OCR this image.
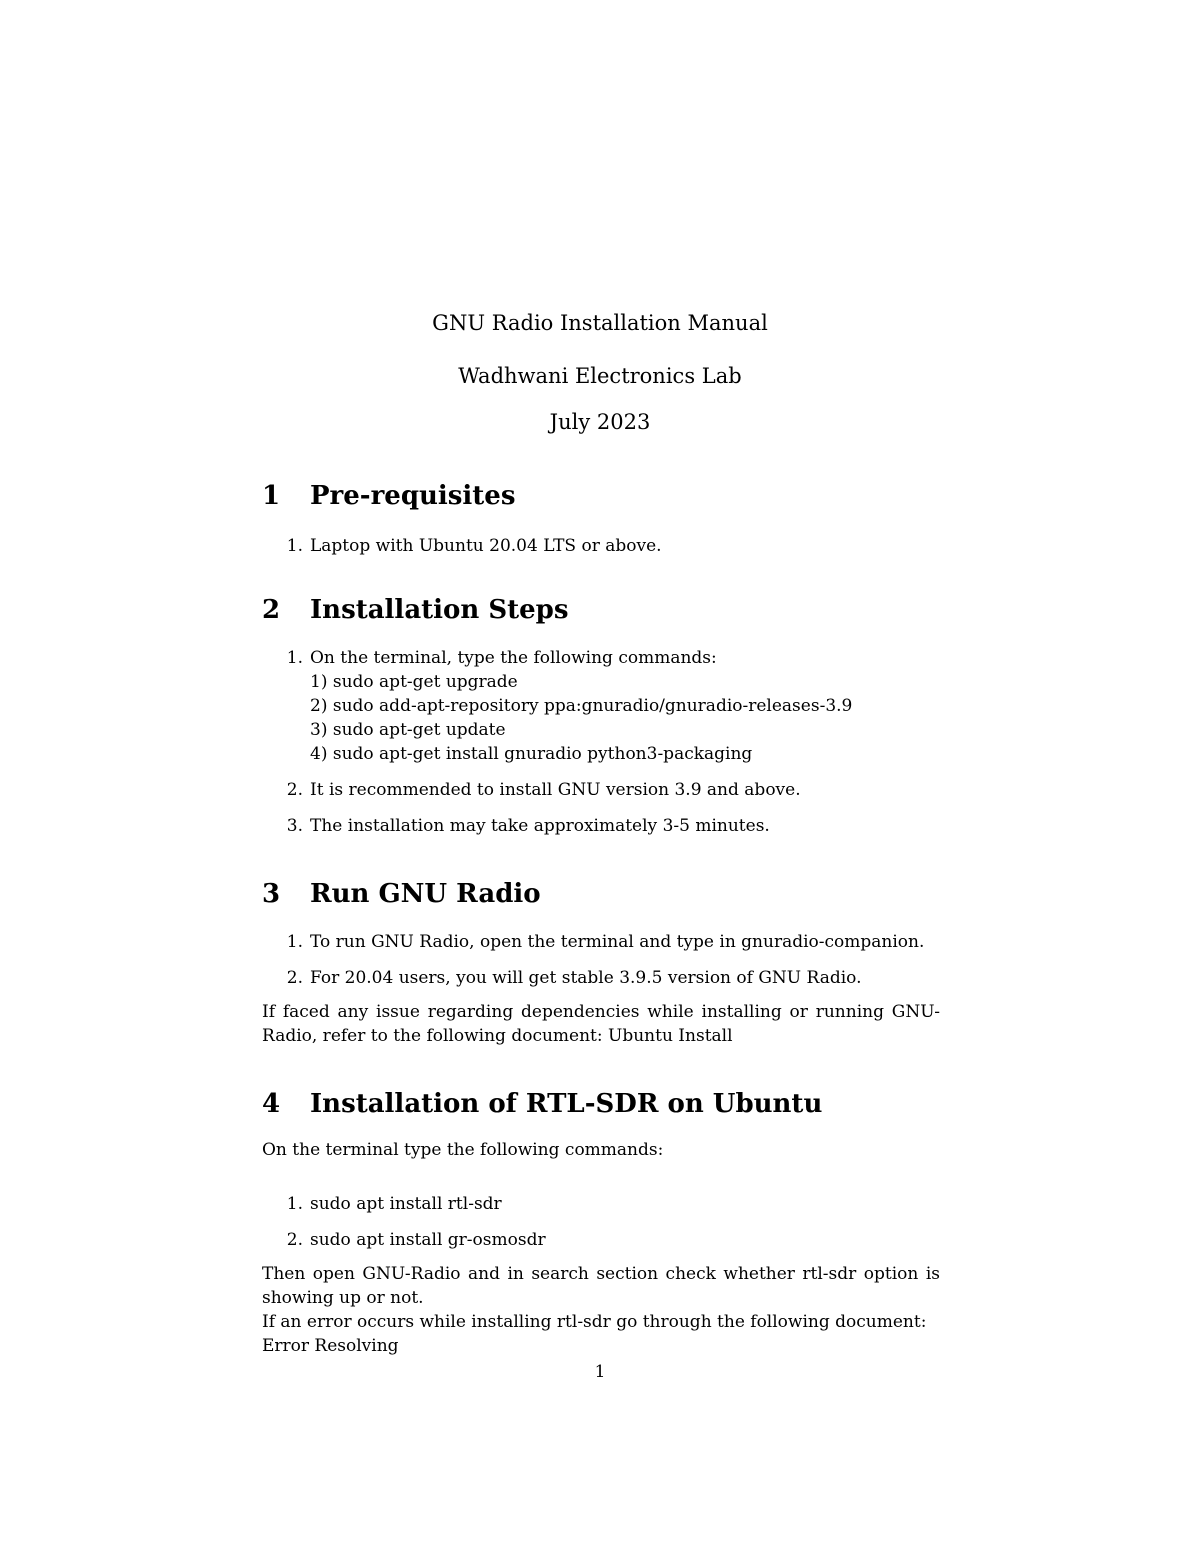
GNU Radio Installation Manual

Wadhwani Electronics Lab

July 2023

1	Pre-requisites
1. Laptop with Ubuntu 20.04 LTS or above.
2	Installation Steps
1. On the terminal, type the following commands:
1) sudo apt-get upgrade
2) sudo add-apt-repository ppa:gnuradio/gnuradio-releases-3.9
3) sudo apt-get update
4) sudo apt-get install gnuradio python3-packaging
2. It is recommended to install GNU version 3.9 and above.
3. The installation may take approximately 3-5 minutes.
3	Run GNU Radio
1. To run GNU Radio, open the terminal and type in gnuradio-companion.
2. For 20.04 users, you will get stable 3.9.5 version of GNU Radio.

If faced any issue regarding dependencies while installing or running GNU-Radio, refer to the following document: Ubuntu Install

4	Installation of RTL-SDR on Ubuntu

On the terminal type the following commands:

1. sudo apt install rtl-sdr
2. sudo apt install gr-osmosdr

Then open GNU-Radio and in search section check whether rtl-sdr option is showing up or not.

If an error occurs while installing rtl-sdr go through the following document: Error Resolving

1
